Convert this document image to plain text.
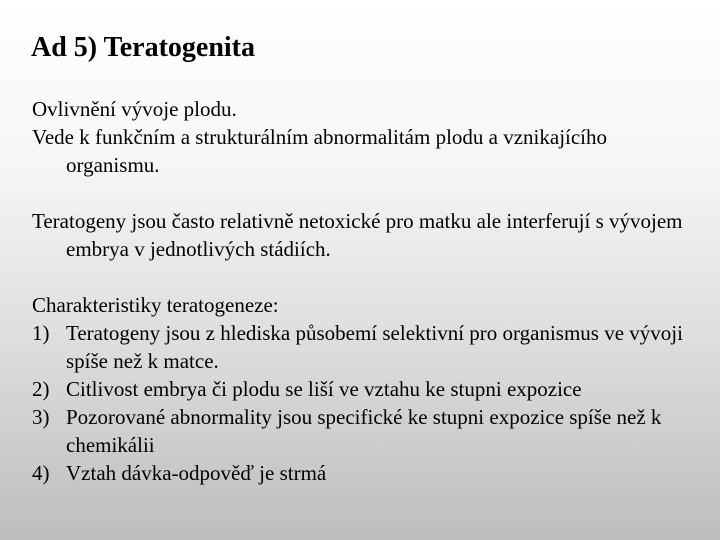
Ad 5) Teratogenita

Ovlivnění vývoje plodu.

Vede k funkčním a strukturálním abnormalitám plodu a vznikajícího organismu.

Teratogeny jsou často relativně netoxické pro matku ale interferují s vývojem embrya v jednotlivých stádiích.

Charakteristiky teratogeneze:

1) Teratogeny jsou z hlediska působemí selektivní pro organismus ve vývoji spíše než k matce.
2) Citlivost embrya či plodu se liší ve vztahu ke stupni expozice
3) Pozorované abnormality jsou specifické ke stupni expozice spíše než k chemikálii
4) Vztah dávka-odpověď je strmá
